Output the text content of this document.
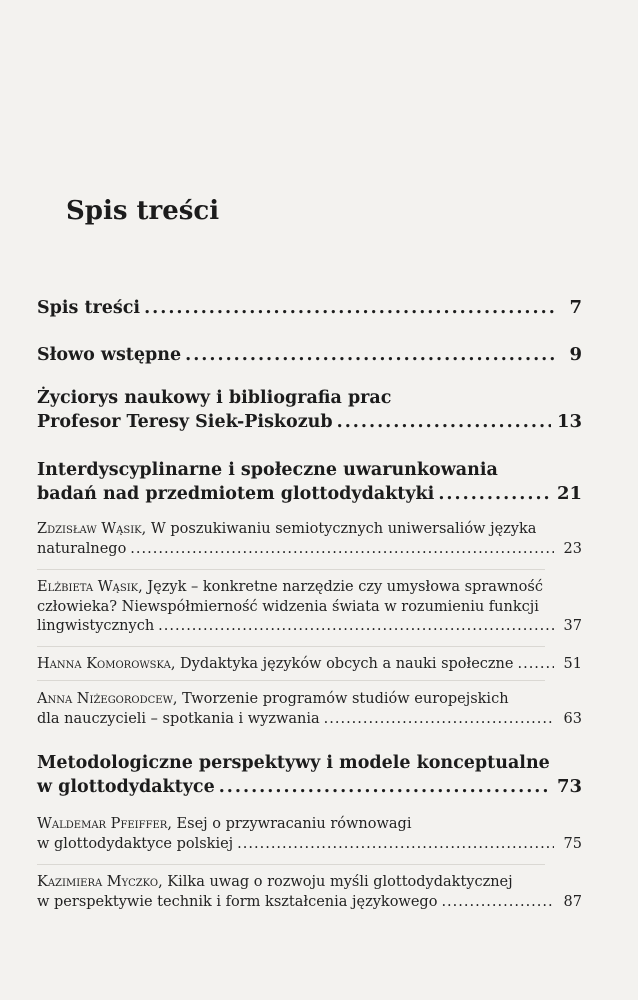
Spis treści
Spis treści .....	7
Słowo wstępne .....	9
Życiorys naukowy i bibliografia prac
Profesor Teresy Siek-Piskozub .....	13
Interdyscyplinarne i społeczne uwarunkowania
badań nad przedmiotem glottodydaktyki .....	21
Zdzisław Wąsik, W poszukiwaniu semiotycznych uniwersaliów języka
naturalnego .....	23
Elżbieta Wąsik, Język – konkretne narzędzie czy umysłowa sprawność
człowieka? Niewspółmierność widzenia świata w rozumieniu funkcji
lingwistycznych .....	37
Hanna Komorowska, Dydaktyka języków obcych a nauki społeczne .....	51
Anna Niżegorodcew, Tworzenie programów studiów europejskich
dla nauczycieli – spotkania i wyzwania .....	63
Metodologiczne perspektywy i modele konceptualne
w glottodydaktyce .....	73
Waldemar Pfeiffer, Esej o przywracaniu równowagi
w glottodydaktyce polskiej .....	75
Kazimiera Myczko, Kilka uwag o rozwoju myśli glottodydaktycznej
w perspektywie technik i form kształcenia językowego .....	87
